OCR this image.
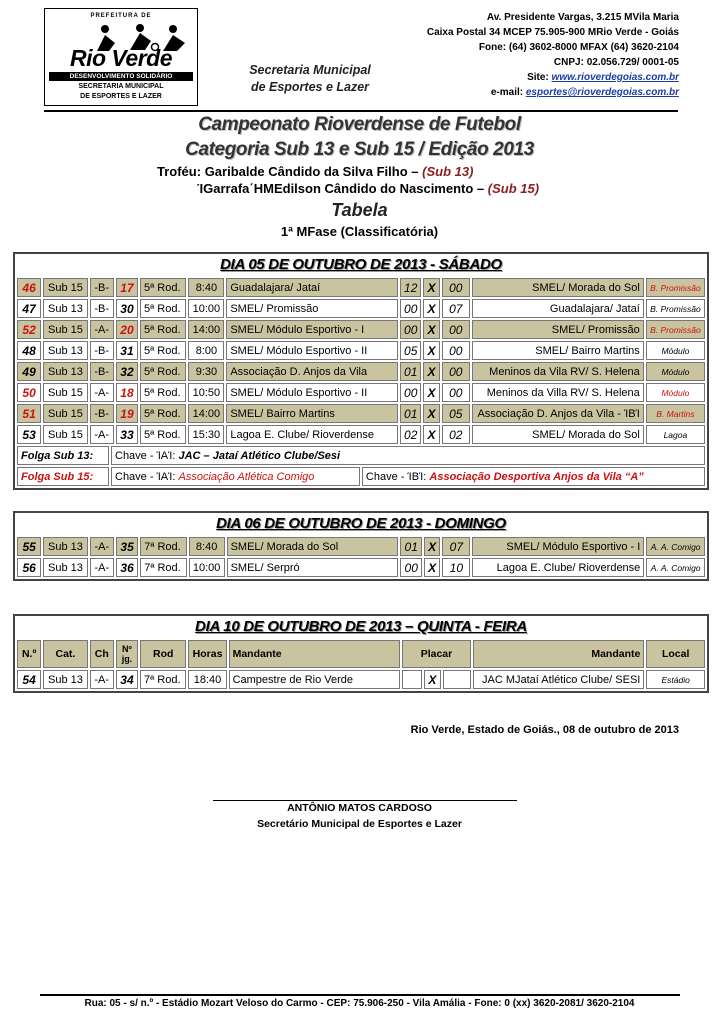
PREFEITURA DE
Rio Verde
DESENVOLVIMENTO SOLIDÁRIO
SECRETARIA MUNICIPAL
DE ESPORTES E LAZER
Secretaria Municipal
de Esportes e Lazer
Av. Presidente Vargas, 3.215 MVila Maria
Caixa Postal 34 MCEP 75.905-900 MRio Verde - Goiás
Fone: (64) 3602-8000 MFAX (64) 3620-2104
CNPJ: 02.056.729/ 0001-05
Site: www.rioverdegoias.com.br
e-mail: esportes@rioverdegoias.com.br
Campeonato Rioverdense de Futebol
Categoria Sub 13 e Sub 15 / Edição 2013
Troféu: Garibalde Cândido da Silva Filho – (Sub 13)
ΊGarrafa΄HMEdilson Cândido do Nascimento – (Sub 15)
Tabela
1ª MFase (Classificatória)
DIA 05 DE OUTUBRO DE 2013 - SÁBADO
46	Sub 15	-B-	17	5ª Rod.	8:40	Guadalajara/ Jataí	12	X	00	SMEL/ Morada do Sol	B. Promissão
47	Sub 13	-B-	30	5ª Rod.	10:00	SMEL/ Promissão	00	X	07	Guadalajara/ Jataí	B. Promissão
52	Sub 15	-A-	20	5ª Rod.	14:00	SMEL/ Módulo Esportivo - I	00	X	00	SMEL/ Promissão	B. Promissão
48	Sub 13	-B-	31	5ª Rod.	8:00	SMEL/ Módulo Esportivo - II	05	X	00	SMEL/ Bairro Martins	Módulo
49	Sub 13	-B-	32	5ª Rod.	9:30	Associação D. Anjos da Vila	01	X	00	Meninos da Vila RV/ S. Helena	Módulo
50	Sub 15	-A-	18	5ª Rod.	10:50	SMEL/ Módulo Esportivo - II	00	X	00	Meninos da Villa RV/ S. Helena	Módulo
51	Sub 15	-B-	19	5ª Rod.	14:00	SMEL/ Bairro Martins	01	X	05	Associação D. Anjos da Vila - ΊBΊ	B. Martins
53	Sub 15	-A-	33	5ª Rod.	15:30	Lagoa E. Clube/ Rioverdense	02	X	02	SMEL/ Morada do Sol	Lagoa
Folga Sub 13:	Chave - ΊAΊ: JAC – Jataí Atlético Clube/Sesi
Folga Sub 15:	Chave - ΊAΊ: Associação Atlética Comigo	Chave - ΊBΊ: Associação Desportiva Anjos da Vila “A”
DIA 06 DE OUTUBRO DE 2013 - DOMINGO
55	Sub 13	-A-	35	7ª Rod.	8:40	SMEL/ Morada do Sol	01	X	07	SMEL/ Módulo Esportivo - I	A. A. Comigo
56	Sub 13	-A-	36	7ª Rod.	10:00	SMEL/ Serpró	00	X	10	Lagoa E. Clube/ Rioverdense	A. A. Comigo
DIA 10 DE OUTUBRO DE 2013 – QUINTA - FEIRA
N.º	Cat.	Ch	Nº jg.	Rod	Horas	Mandante	Placar			Mandante	Local
54	Sub 13	-A-	34	7ª Rod.	18:40	Campestre de Rio Verde		X		JAC MJataí Atlético Clube/ SESI	Estádio
Rio Verde, Estado de Goiás., 08 de outubro de 2013
ANTÔNIO MATOS CARDOSO
Secretário Municipal de Esportes e Lazer
Rua: 05 - s/ n.º - Estádio Mozart Veloso do Carmo - CEP: 75.906-250 - Vila Amália - Fone: 0 (xx) 3620-2081/ 3620-2104
